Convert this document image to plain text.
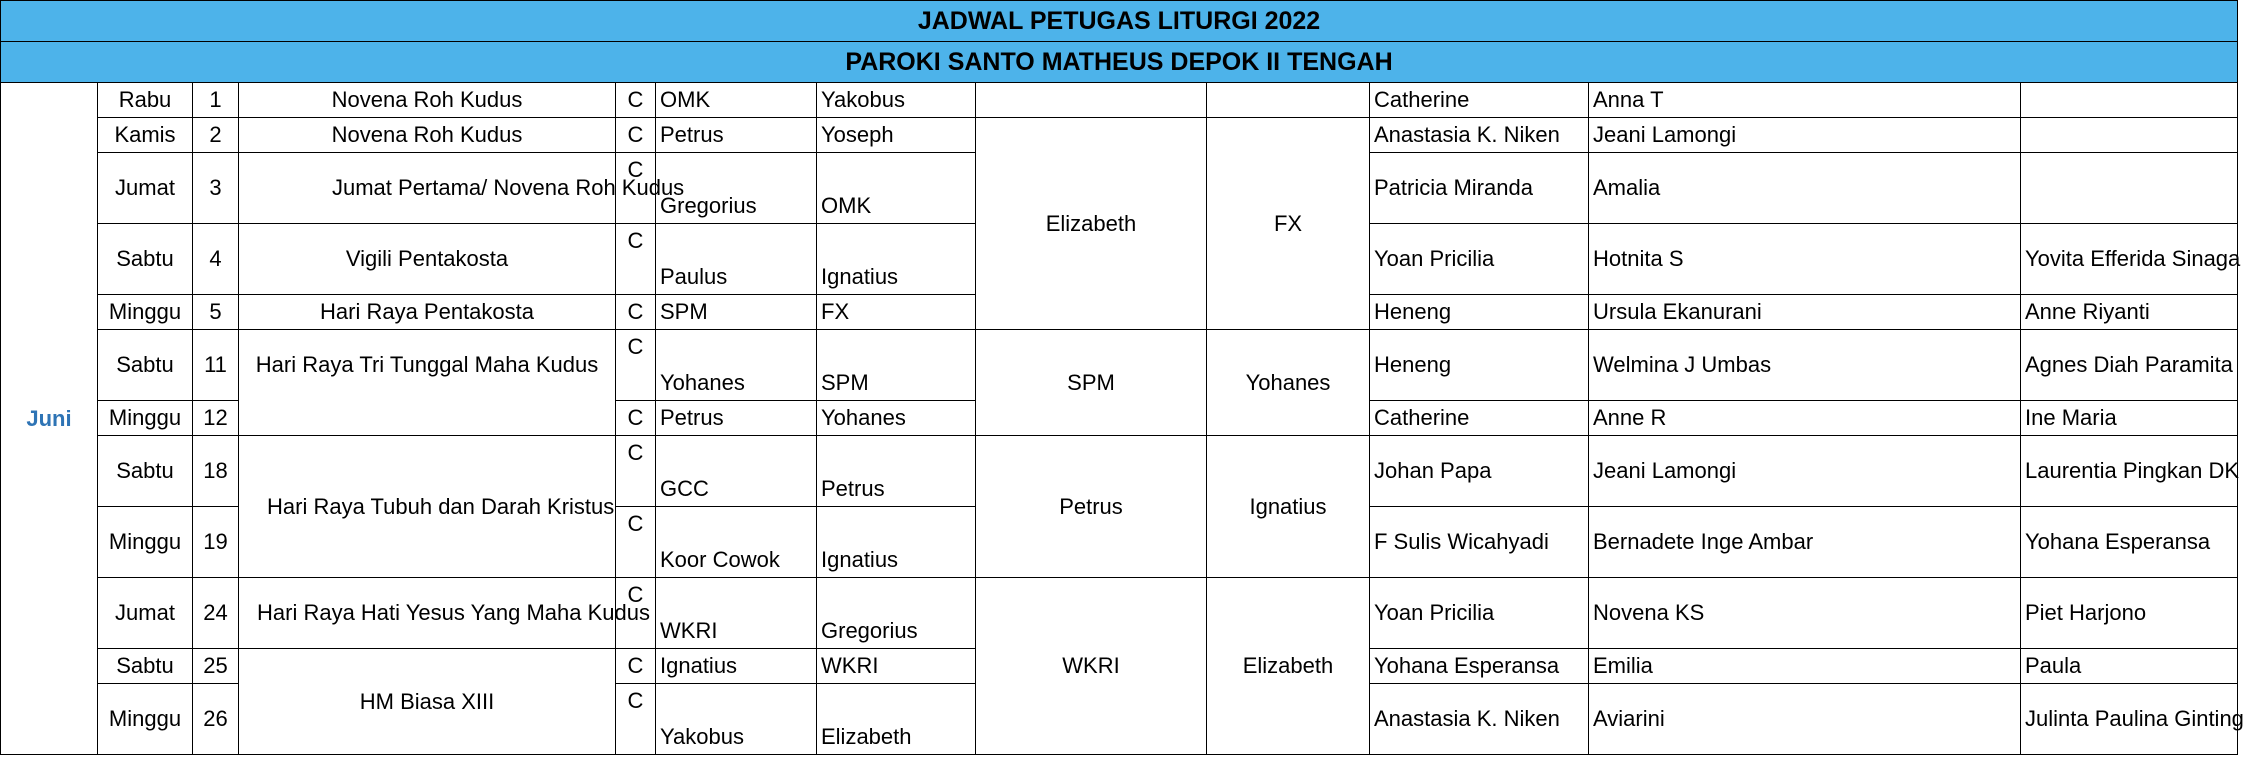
JADWAL PETUGAS LITURGI 2022											
PAROKI SANTO MATHEUS DEPOK II TENGAH											
Juni	Rabu	1	Novena Roh Kudus	C	OMK	Yakobus			Catherine	Anna T	
	Kamis	2	Novena Roh Kudus	C	Petrus	Yoseph	Elizabeth	FX	Anastasia K. Niken	Jeani Lamongi	
	Jumat	3	Jumat Pertama/ Novena Roh Kudus	C	Gregorius	OMK			Patricia Miranda	Amalia	
	Sabtu	4	Vigili Pentakosta	C	Paulus	Ignatius			Yoan Pricilia	Hotnita S	Yovita Efferida Sinaga
	Minggu	5	Hari Raya Pentakosta	C	SPM	FX			Heneng	Ursula Ekanurani	Anne Riyanti
	Sabtu	11	Hari Raya Tri Tunggal Maha Kudus	C	Yohanes	SPM	SPM	Yohanes	Heneng	Welmina J Umbas	Agnes Diah Paramita
	Minggu	12		C	Petrus	Yohanes			Catherine	Anne R	Ine Maria
	Sabtu	18	Hari Raya Tubuh dan Darah Kristus	C	GCC	Petrus	Petrus	Ignatius	Johan Papa	Jeani Lamongi	Laurentia Pingkan DK
	Minggu	19		C	Koor Cowok	Ignatius			F Sulis Wicahyadi	Bernadete Inge Ambar	Yohana Esperansa
	Jumat	24	Hari Raya Hati Yesus Yang Maha Kudus	C	WKRI	Gregorius	WKRI	Elizabeth	Yoan Pricilia	Novena KS	Piet Harjono
	Sabtu	25	HM Biasa XIII	C	Ignatius	WKRI			Yohana Esperansa	Emilia	Paula
	Minggu	26		C	Yakobus	Elizabeth			Anastasia K. Niken	Aviarini	Julinta Paulina Ginting
